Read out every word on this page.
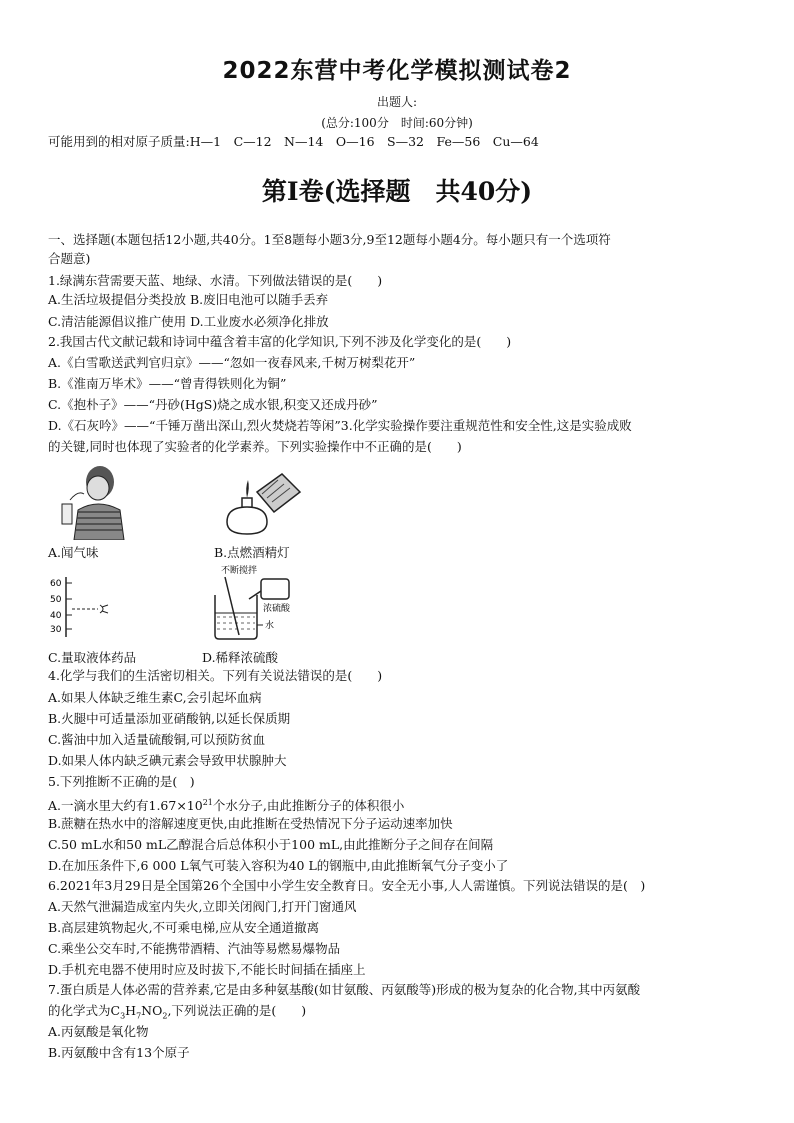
2022东营中考化学模拟测试卷2
出题人:
(总分:100分　时间:60分钟)
可能用到的相对原子质量:H—1　C—12　N—14　O—16　S—32　Fe—56　Cu—64
第Ⅰ卷(选择题　共40分)
一、选择题(本题包括12小题,共40分。1至8题每小题3分,9至12题每小题4分。每小题只有一个选项符
合题意)
1.绿满东营需要天蓝、地绿、水清。下列做法错误的是(　　)
A.生活垃圾提倡分类投放 B.废旧电池可以随手丢弃
C.清洁能源倡议推广使用 D.工业废水必须净化排放
2.我国古代文献记载和诗词中蕴含着丰富的化学知识,下列不涉及化学变化的是(　　)
A.《白雪歌送武判官归京》——“忽如一夜春风来,千树万树梨花开”
B.《淮南万毕术》——“曾青得铁则化为铜”
C.《抱朴子》——“丹砂(HgS)烧之成水银,积变又还成丹砂”
D.《石灰吟》——“千锤万凿出深山,烈火焚烧若等闲”3.化学实验操作要注重规范性和安全性,这是实验成败
的关键,同时也体现了实验者的化学素养。下列实验操作中不正确的是(　　)
A.闻气味	B.点燃酒精灯
60
50
40
30
不断搅拌
浓硫酸
水
C.量取液体药品	D.稀释浓硫酸
4.化学与我们的生活密切相关。下列有关说法错误的是(　　)
A.如果人体缺乏维生素C,会引起坏血病
B.火腿中可适量添加亚硝酸钠,以延长保质期
C.酱油中加入适量硫酸铜,可以预防贫血
D.如果人体内缺乏碘元素会导致甲状腺肿大
5.下列推断不正确的是(　)
A.一滴水里大约有$1.67\times 10^{21}$个水分子,由此推断分子的体积很小
B.蔗糖在热水中的溶解速度更快,由此推断在受热情况下分子运动速率加快
C.50 mL水和50 mL乙醇混合后总体积小于100 mL,由此推断分子之间存在间隔
D.在加压条件下,6 000 L氧气可装入容积为40 L的钢瓶中,由此推断氧气分子变小了
6.2021年3月29日是全国第26个全国中小学生安全教育日。安全无小事,人人需谨慎。下列说法错误的是(　)
A.天然气泄漏造成室内失火,立即关闭阀门,打开门窗通风
B.高层建筑物起火,不可乘电梯,应从安全通道撤离
C.乘坐公交车时,不能携带酒精、汽油等易燃易爆物品
D.手机充电器不使用时应及时拔下,不能长时间插在插座上
7.蛋白质是人体必需的营养素,它是由多种氨基酸(如甘氨酸、丙氨酸等)形成的极为复杂的化合物,其中丙氨酸
的化学式为$C_3H_7NO_2$,下列说法正确的是(　　)
A.丙氨酸是氧化物
B.丙氨酸中含有13个原子
